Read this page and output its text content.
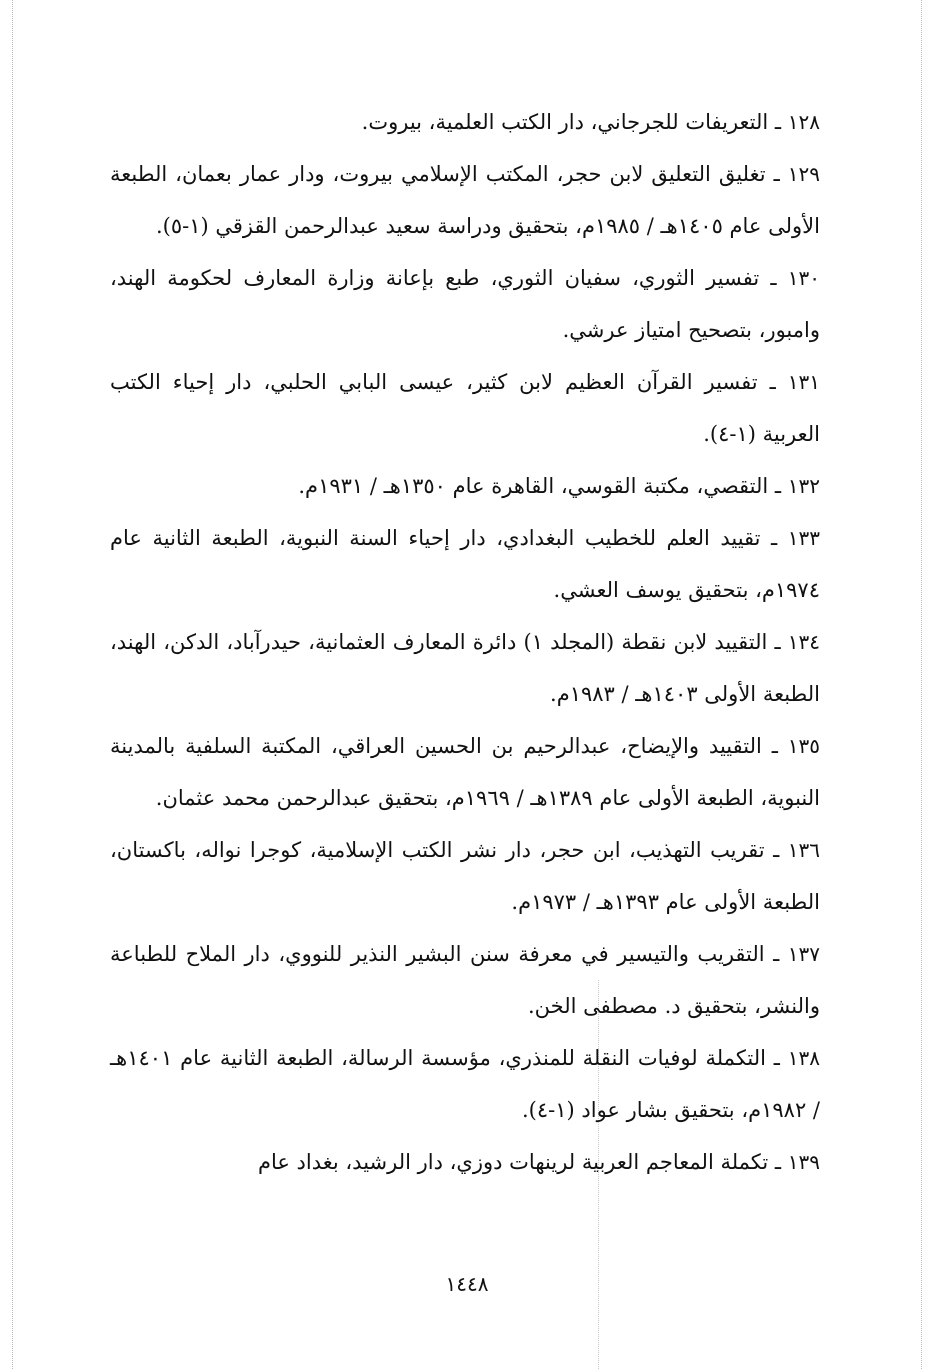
١٢٨ ـ التعريفات للجرجاني، دار الكتب العلمية، بيروت.

١٢٩ ـ تغليق التعليق لابن حجر، المكتب الإسلامي بيروت، ودار عمار بعمان، الطبعة الأولى عام ١٤٠٥هـ / ١٩٨٥م، بتحقيق ودراسة سعيد عبدالرحمن القزقي (١-٥).

١٣٠ ـ تفسير الثوري، سفيان الثوري، طبع بإعانة وزارة المعارف لحكومة الهند، وامبور، بتصحيح امتياز عرشي.

١٣١ ـ تفسير القرآن العظيم لابن كثير، عيسى البابي الحلبي، دار إحياء الكتب العربية (١-٤).

١٣٢ ـ التقصي، مكتبة القوسي، القاهرة عام ١٣٥٠هـ / ١٩٣١م.

١٣٣ ـ تقييد العلم للخطيب البغدادي، دار إحياء السنة النبوية، الطبعة الثانية عام ١٩٧٤م، بتحقيق يوسف العشي.

١٣٤ ـ التقييد لابن نقطة (المجلد ١) دائرة المعارف العثمانية، حيدرآباد، الدكن، الهند، الطبعة الأولى ١٤٠٣هـ / ١٩٨٣م.

١٣٥ ـ التقييد والإيضاح، عبدالرحيم بن الحسين العراقي، المكتبة السلفية بالمدينة النبوية، الطبعة الأولى عام ١٣٨٩هـ / ١٩٦٩م، بتحقيق عبدالرحمن محمد عثمان.

١٣٦ ـ تقريب التهذيب، ابن حجر، دار نشر الكتب الإسلامية، كوجرا نواله، باكستان، الطبعة الأولى عام ١٣٩٣هـ / ١٩٧٣م.

١٣٧ ـ التقريب والتيسير في معرفة سنن البشير النذير للنووي، دار الملاح للطباعة والنشر، بتحقيق د. مصطفى الخن.

١٣٨ ـ التكملة لوفيات النقلة للمنذري، مؤسسة الرسالة، الطبعة الثانية عام ١٤٠١هـ / ١٩٨٢م، بتحقيق بشار عواد (١-٤).

١٣٩ ـ تكملة المعاجم العربية لرينهات دوزي، دار الرشيد، بغداد عام

١٤٤٨
